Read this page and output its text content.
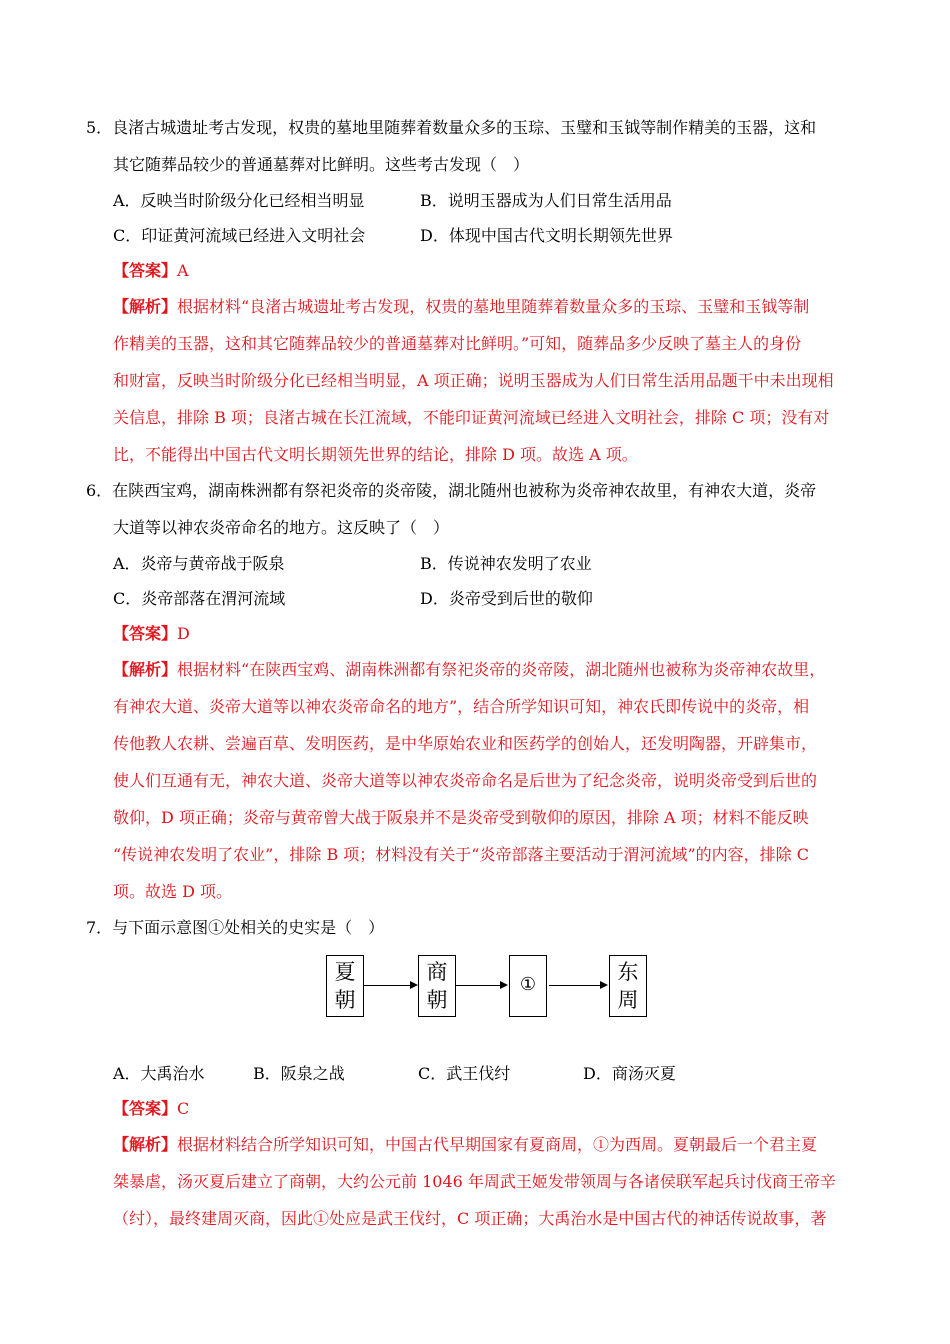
5．良渚古城遗址考古发现，权贵的墓地里随葬着数量众多的玉琮、玉璧和玉钺等制作精美的玉器，这和
其它随葬品较少的普通墓葬对比鲜明。这些考古发现（　）
A．反映当时阶级分化已经相当明显	B．说明玉器成为人们日常生活用品
C．印证黄河流域已经进入文明社会	D．体现中国古代文明长期领先世界
【答案】A
【解析】根据材料“良渚古城遗址考古发现，权贵的墓地里随葬着数量众多的玉琮、玉璧和玉钺等制
作精美的玉器，这和其它随葬品较少的普通墓葬对比鲜明。”可知，随葬品多少反映了墓主人的身份
和财富，反映当时阶级分化已经相当明显，A 项正确；说明玉器成为人们日常生活用品题干中未出现相
关信息，排除 B 项；良渚古城在长江流域，不能印证黄河流域已经进入文明社会，排除 C 项；没有对
比，不能得出中国古代文明长期领先世界的结论，排除 D 项。故选 A 项。
6．在陕西宝鸡，湖南株洲都有祭祀炎帝的炎帝陵，湖北随州也被称为炎帝神农故里，有神农大道，炎帝
大道等以神农炎帝命名的地方。这反映了（　）
A．炎帝与黄帝战于阪泉	B．传说神农发明了农业
C．炎帝部落在渭河流域	D．炎帝受到后世的敬仰
【答案】D
【解析】根据材料“在陕西宝鸡、湖南株洲都有祭祀炎帝的炎帝陵，湖北随州也被称为炎帝神农故里，
有神农大道、炎帝大道等以神农炎帝命名的地方”，结合所学知识可知，神农氏即传说中的炎帝，相
传他教人农耕、尝遍百草、发明医药，是中华原始农业和医药学的创始人，还发明陶器，开辟集市，
使人们互通有无，神农大道、炎帝大道等以神农炎帝命名是后世为了纪念炎帝，说明炎帝受到后世的
敬仰，D 项正确；炎帝与黄帝曾大战于阪泉并不是炎帝受到敬仰的原因，排除 A 项；材料不能反映
“传说神农发明了农业”，排除 B 项；材料没有关于“炎帝部落主要活动于渭河流域”的内容，排除 C
项。故选 D 项。
7．与下面示意图①处相关的史实是（　）
夏
朝
商
朝
①
东
周
A．大禹治水	B．阪泉之战	C．武王伐纣	D．商汤灭夏
【答案】C
【解析】根据材料结合所学知识可知，中国古代早期国家有夏商周，①为西周。夏朝最后一个君主夏
桀暴虐，汤灭夏后建立了商朝，大约公元前 1046 年周武王姬发带领周与各诸侯联军起兵讨伐商王帝辛
（纣），最终建周灭商，因此①处应是武王伐纣，C 项正确；大禹治水是中国古代的神话传说故事，著
